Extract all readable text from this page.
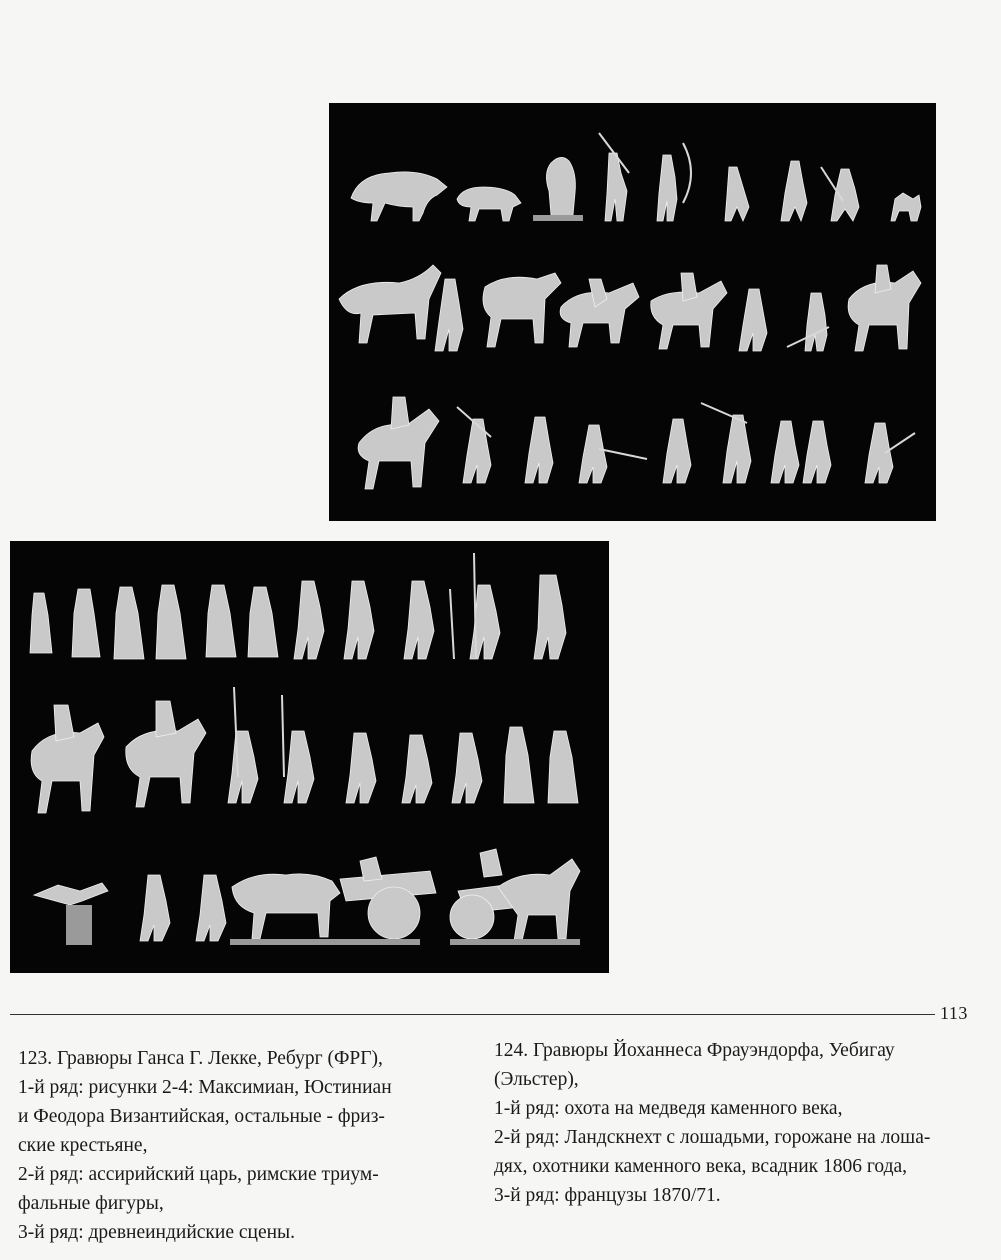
113

123. Гравюры Ганса Г. Лекке, Ребург (ФРГ),

1-й ряд: рисунки 2-4: Максимиан, Юстиниан
и Феодора Византийская, остальные - фриз-
ские крестьяне,

2-й ряд: ассирийский царь, римские триум-
фальные фигуры,

3-й ряд: древнеиндийские сцены.

124. Гравюры Йоханнеса Фрауэндорфа, Уебигау
(Эльстер),

1-й ряд: охота на медведя каменного века,

2-й ряд: Ландскнехт с лошадьми, горожане на лоша-
дях, охотники каменного века, всадник 1806 года,

3-й ряд: французы 1870/71.
